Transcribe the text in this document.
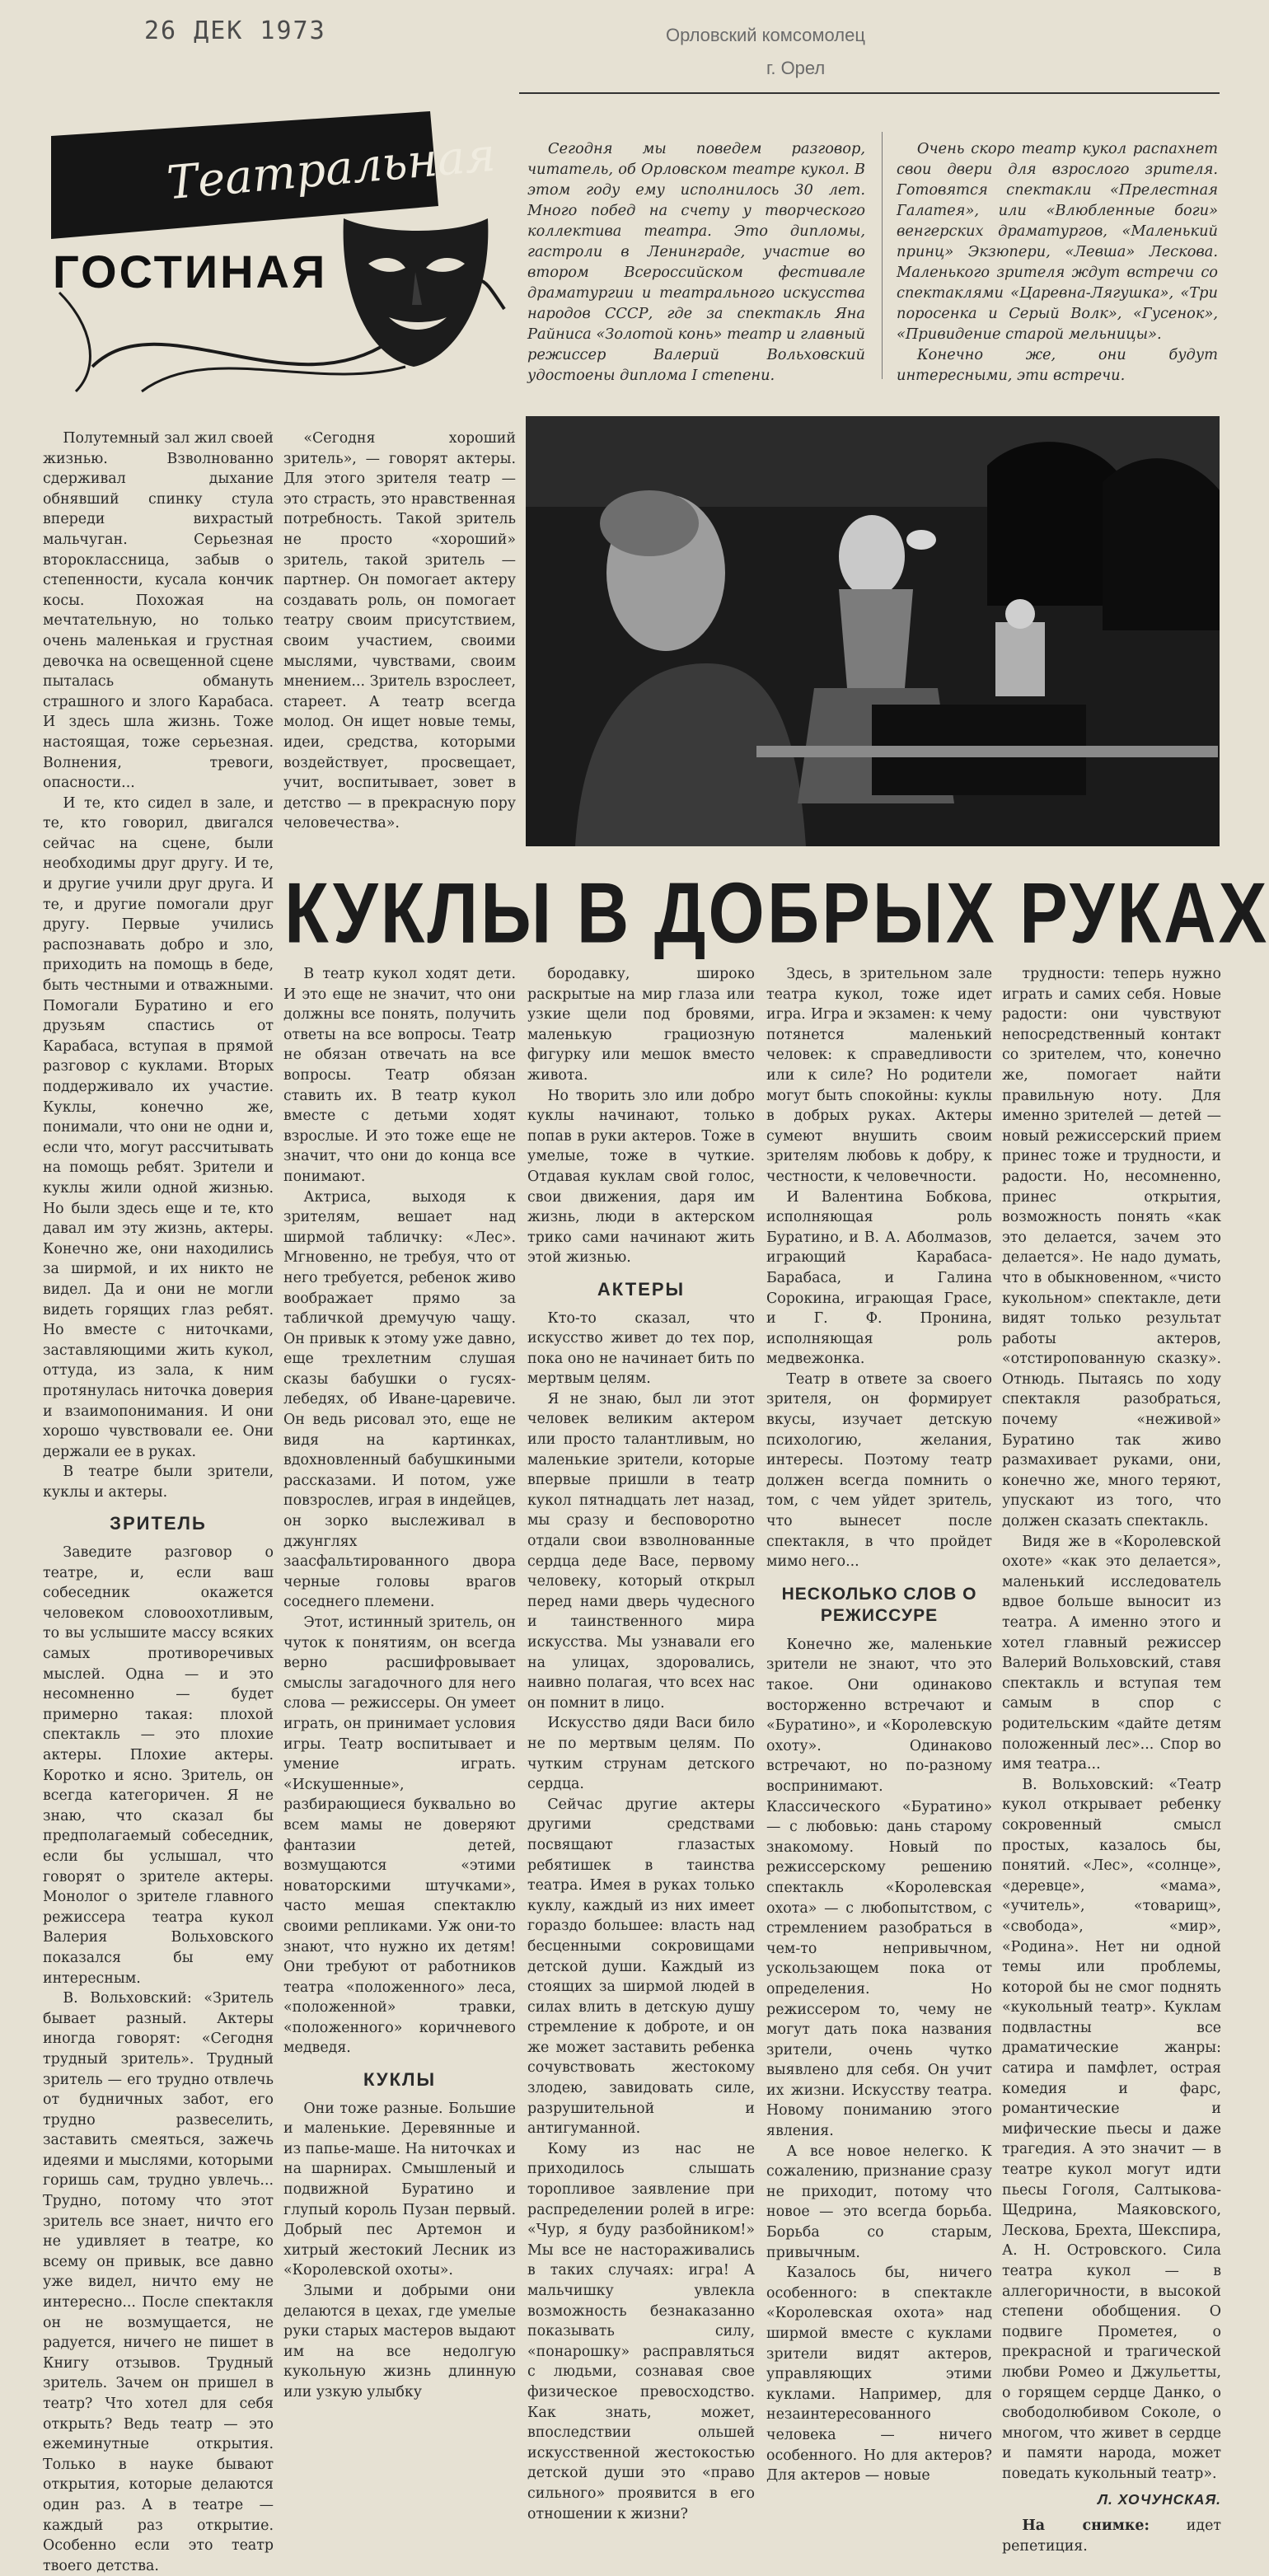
26 ДЕК 1973	Орловский комсомолец
г. Орел
Театральная
ГОСТИНАЯ

Сегодня мы поведем разговор, читатель, об Орловском театре кукол. В этом году ему исполнилось 30 лет. Много побед на счету у творческого коллектива театра. Это дипломы, гастроли в Ленинграде, участие во втором Всероссийском фестивале драматургии и театрального искусства народов СССР, где за спектакль Яна Райниса «Золотой конь» театр и главный режиссер Валерий Вольховский удостоены диплома I степени.

Очень скоро театр кукол распахнет свои двери для взрослого зрителя. Готовятся спектакли «Прелестная Галатея», или «Влюбленные боги» венгерских драматургов, «Маленький принц» Экзюпери, «Левша» Лескова. Маленького зрителя ждут встречи со спектаклями «Царевна-Лягушка», «Три поросенка и Серый Волк», «Гусенок», «Привидение старой мельницы».

Конечно же, они будут интересными, эти встречи.

КУКЛЫ В ДОБРЫХ РУКАХ

Полутемный зал жил своей жизнью. Взволнованно сдерживал дыхание обнявший спинку стула впереди вихрастый мальчуган. Серьезная второклассница, забыв о степенности, кусала кончик косы. Похожая на мечтательную, но только очень маленькая и грустная девочка на освещенной сцене пыталась обмануть страшного и злого Карабаса. И здесь шла жизнь. Тоже настоящая, тоже серьезная. Волнения, тревоги, опасности...

И те, кто сидел в зале, и те, кто говорил, двигался сейчас на сцене, были необходимы друг другу. И те, и другие учили друг друга. И те, и другие помогали друг другу. Первые учились распознавать добро и зло, приходить на помощь в беде, быть честными и отважными. Помогали Буратино и его друзьям спастись от Карабаса, вступая в прямой разговор с куклами. Вторых поддерживало их участие. Куклы, конечно же, понимали, что они не одни и, если что, могут рассчитывать на помощь ребят. Зрители и куклы жили одной жизнью. Но были здесь еще и те, кто давал им эту жизнь, актеры. Конечно же, они находились за ширмой, и их никто не видел. Да и они не могли видеть горящих глаз ребят. Но вместе с ниточками, заставляющими жить кукол, оттуда, из зала, к ним протянулась ниточка доверия и взаимопонимания. И они хорошо чувствовали ее. Они держали ее в руках.

В театре были зрители, куклы и актеры.

ЗРИТЕЛЬ

Заведите разговор о театре, и, если ваш собеседник окажется человеком словоохотливым, то вы услышите массу всяких самых противоречивых мыслей. Одна — и это несомненно — будет примерно такая: плохой спектакль — это плохие актеры. Плохие актеры. Коротко и ясно. Зритель, он всегда категоричен. Я не знаю, что сказал бы предполагаемый собеседник, если бы услышал, что говорят о зрителе актеры. Монолог о зрителе главного режиссера театра кукол Валерия Вольховского показался бы ему интересным.

В. Вольховский: «Зритель бывает разный. Актеры иногда говорят: «Сегодня трудный зритель». Трудный зритель — его трудно отвлечь от будничных забот, его трудно развеселить, заставить смеяться, зажечь идеями и мыслями, которыми горишь сам, трудно увлечь... Трудно, потому что этот зритель все знает, ничто его не удивляет в театре, ко всему он привык, все давно уже видел, ничто ему не интересно... После спектакля он не возмущается, не радуется, ничего не пишет в Книгу отзывов. Трудный зритель. Зачем он пришел в театр? Что хотел для себя открыть? Ведь театр — это ежеминутные открытия. Только в науке бывают открытия, которые делаются один раз. А в театре — каждый раз открытие. Особенно если это театр твоего детства.

«Сегодня хороший зритель», — говорят актеры. Для этого зрителя театр — это страсть, это нравственная потребность. Такой зритель не просто «хороший» зритель, такой зритель — партнер. Он помогает актеру создавать роль, он помогает театру своим присутствием, своим участием, своими мыслями, чувствами, своим мнением... Зритель взрослеет, стареет. А театр всегда молод. Он ищет новые темы, идеи, средства, которыми воздействует, просвещает, учит, воспитывает, зовет в детство — в прекрасную пору человечества».

В театр кукол ходят дети. И это еще не значит, что они должны все понять, получить ответы на все вопросы. Театр не обязан отвечать на все вопросы. Театр обязан ставить их. В театр кукол вместе с детьми ходят взрослые. И это тоже еще не значит, что они до конца все понимают.

Актриса, выходя к зрителям, вешает над ширмой табличку: «Лес». Мгновенно, не требуя, что от него требуется, ребенок живо воображает прямо за табличкой дремучую чащу. Он привык к этому уже давно, еще трехлетним слушая сказы бабушки о гусях-лебедях, об Иване-царевиче. Он ведь рисовал это, еще не видя на картинках, вдохновленный бабушкиными рассказами. И потом, уже повзрослев, играя в индейцев, он зорко выслеживал в джунглях заасфальтированного двора черные головы врагов соседнего племени.

Этот, истинный зритель, он чуток к понятиям, он всегда верно расшифровывает смыслы загадочного для него слова — режиссеры. Он умеет играть, он принимает условия игры. Театр воспитывает и умение играть. «Искушенные», разбирающиеся буквально во всем мамы не доверяют фантазии детей, возмущаются «этими новаторскими штучками», часто мешая спектаклю своими репликами. Уж они-то знают, что нужно их детям! Они требуют от работников театра «положенного» леса, «положенной» травки, «положенного» коричневого медведя.

КУКЛЫ

Они тоже разные. Большие и маленькие. Деревянные и из папье-маше. На ниточках и на шарнирах. Смышленый и подвижной Буратино и глупый король Пузан первый. Добрый пес Артемон и хитрый жестокий Лесник из «Королевской охоты».

Злыми и добрыми они делаются в цехах, где умелые руки старых мастеров выдают им на все недолгую кукольную жизнь длинную или узкую улыбку

бородавку, широко раскрытые на мир глаза или узкие щели под бровями, маленькую грациозную фигурку или мешок вместо живота.

Но творить зло или добро куклы начинают, только попав в руки актеров. Тоже в умелые, тоже в чуткие. Отдавая куклам свой голос, свои движения, даря им жизнь, люди в актерском трико сами начинают жить этой жизнью.

АКТЕРЫ

Кто-то сказал, что искусство живет до тех пор, пока оно не начинает бить по мертвым целям.

Я не знаю, был ли этот человек великим актером или просто талантливым, но маленькие зрители, которые впервые пришли в театр кукол пятнадцать лет назад, мы сразу и бесповоротно отдали свои взволнованные сердца деде Васе, первому человеку, который открыл перед нами дверь чудесного и таинственного мира искусства. Мы узнавали его на улицах, здоровались, наивно полагая, что всех нас он помнит в лицо.

Искусство дяди Васи било не по мертвым целям. По чутким струнам детского сердца.

Сейчас другие актеры другими средствами посвящают глазастых ребятишек в таинства театра. Имея в руках только куклу, каждый из них имеет гораздо большее: власть над бесценными сокровищами детской души. Каждый из стоящих за ширмой людей в силах влить в детскую душу стремление к доброте, и он же может заставить ребенка сочувствовать жестокому злодею, завидовать силе, разрушительной и антигуманной.

Кому из нас не приходилось слышать торопливое заявление при распределении ролей в игре: «Чур, я буду разбойником!» Мы все не настораживались в таких случаях: игра! А мальчишку увлекла возможность безнаказанно показывать силу, «понарошку» расправляться с людьми, сознавая свое физическое превосходство. Как знать, может, впоследствии ольшей искусственной жестокостью детской души это «право сильного» проявится в его отношении к жизни?

Здесь, в зрительном зале театра кукол, тоже идет игра. Игра и экзамен: к чему потянется маленький человек: к справедливости или к силе? Но родители могут быть спокойны: куклы в добрых руках. Актеры сумеют внушить своим зрителям любовь к добру, к честности, к человечности.

И Валентина Бобкова, исполняющая роль Буратино, и В. А. Аболмазов, играющий Карабаса-Барабаса, и Галина Сорокина, играющая Грасе, и Г. Ф. Пронина, исполняющая роль медвежонка.

Театр в ответе за своего зрителя, он формирует вкусы, изучает детскую психологию, желания, интересы. Поэтому театр должен всегда помнить о том, с чем уйдет зритель, что вынесет после спектакля, в что пройдет мимо него...

НЕСКОЛЬКО СЛОВ О РЕЖИССУРЕ

Конечно же, маленькие зрители не знают, что это такое. Они одинаково восторженно встречают и «Буратино», и «Королевскую охоту». Одинаково встречают, но по-разному воспринимают. Классического «Буратино» — с любовью: дань старому знакомому. Новый по режиссерскому решению спектакль «Королевская охота» — с любопытством, с стремлением разобраться в чем-то непривычном, ускользающем пока от определения. Но режиссером то, чему не могут дать пока названия зрители, очень чутко выявлено для себя. Он учит их жизни. Искусству театра. Новому пониманию этого явления.

А все новое нелегко. К сожалению, признание сразу не приходит, потому что новое — это всегда борьба. Борьба со старым, привычным.

Казалось бы, ничего особенного: в спектакле «Королевская охота» над ширмой вместе с куклами зрители видят актеров, управляющих этими куклами. Например, для незаинтересованного человека — ничего особенного. Но для актеров? Для актеров — новые

трудности: теперь нужно играть и самих себя. Новые радости: они чувствуют непосредственный контакт со зрителем, что, конечно же, помогает найти правильную ноту. Для именно зрителей — детей — новый режиссерский прием принес тоже и трудности, и радости. Но, несомненно, принес открытия, возможность понять «как это делается, зачем это делается». Не надо думать, что в обыкновенном, «чисто кукольном» спектакле, дети видят только результат работы актеров, «отстиропованную сказку». Отнюдь. Пытаясь по ходу спектакля разобраться, почему «неживой» Буратино так живо размахивает руками, они, конечно же, много теряют, упускают из того, что должен сказать спектакль.

Видя же в «Королевской охоте» «как это делается», маленький исследователь вдвое больше выносит из театра. А именно этого и хотел главный режиссер Валерий Вольховский, ставя спектакль и вступая тем самым в спор с родительским «дайте детям положенный лес»... Спор во имя театра...

В. Вольховский: «Театр кукол открывает ребенку сокровенный смысл простых, казалось бы, понятий. «Лес», «солнце», «деревце», «мама», «учитель», «товарищ», «свобода», «мир», «Родина». Нет ни одной темы или проблемы, которой бы не смог поднять «кукольный театр». Куклам подвластны все драматические жанры: сатира и памфлет, острая комедия и фарс, романтические и мифические пьесы и даже трагедия. А это значит — в театре кукол могут идти пьесы Гоголя, Салтыкова-Щедрина, Маяковского, Лескова, Брехта, Шекспира, А. Н. Островского. Сила театра кукол — в аллегоричности, в высокой степени обобщения. О подвиге Прометея, о прекрасной и трагической любви Ромео и Джульетты, о горящем сердце Данко, о свободолюбивом Соколе, о многом, что живет в сердце и памяти народа, может поведать кукольный театр».

Л. ХОЧУНСКАЯ.

На снимке:	идет репетиция.
